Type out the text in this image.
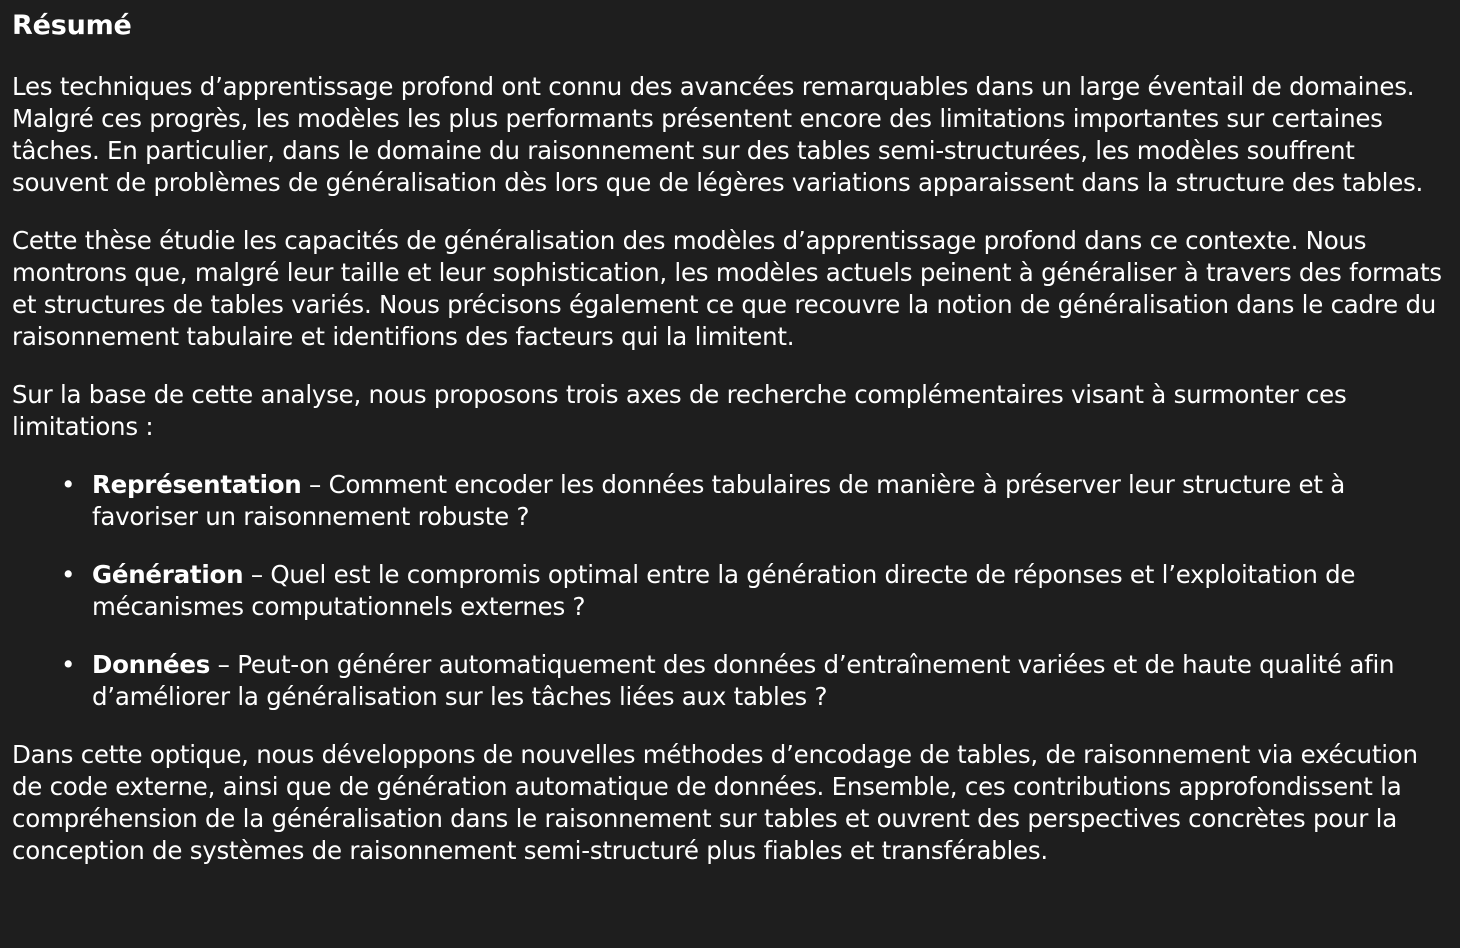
Résumé

Les techniques d’apprentissage profond ont connu des avancées remarquables dans un large éventail de domaines. Malgré ces progrès, les modèles les plus performants présentent encore des limitations importantes sur certaines tâches. En particulier, dans le domaine du raisonnement sur des tables semi-structurées, les modèles souffrent souvent de problèmes de généralisation dès lors que de légères variations apparaissent dans la structure des tables.

Cette thèse étudie les capacités de généralisation des modèles d’apprentissage profond dans ce contexte. Nous montrons que, malgré leur taille et leur sophistication, les modèles actuels peinent à généraliser à travers des formats et structures de tables variés. Nous précisons également ce que recouvre la notion de généralisation dans le cadre du raisonnement tabulaire et identifions des facteurs qui la limitent.

Sur la base de cette analyse, nous proposons trois axes de recherche complémentaires visant à surmonter ces limitations :

• Représentation – Comment encoder les données tabulaires de manière à préserver leur structure et à favoriser un raisonnement robuste ?
• Génération – Quel est le compromis optimal entre la génération directe de réponses et l’exploitation de mécanismes computationnels externes ?
• Données – Peut-on générer automatiquement des données d’entraînement variées et de haute qualité afin d’améliorer la généralisation sur les tâches liées aux tables ?

Dans cette optique, nous développons de nouvelles méthodes d’encodage de tables, de raisonnement via exécution de code externe, ainsi que de génération automatique de données. Ensemble, ces contributions approfondissent la compréhension de la généralisation dans le raisonnement sur tables et ouvrent des perspectives concrètes pour la conception de systèmes de raisonnement semi-structuré plus fiables et transférables.
